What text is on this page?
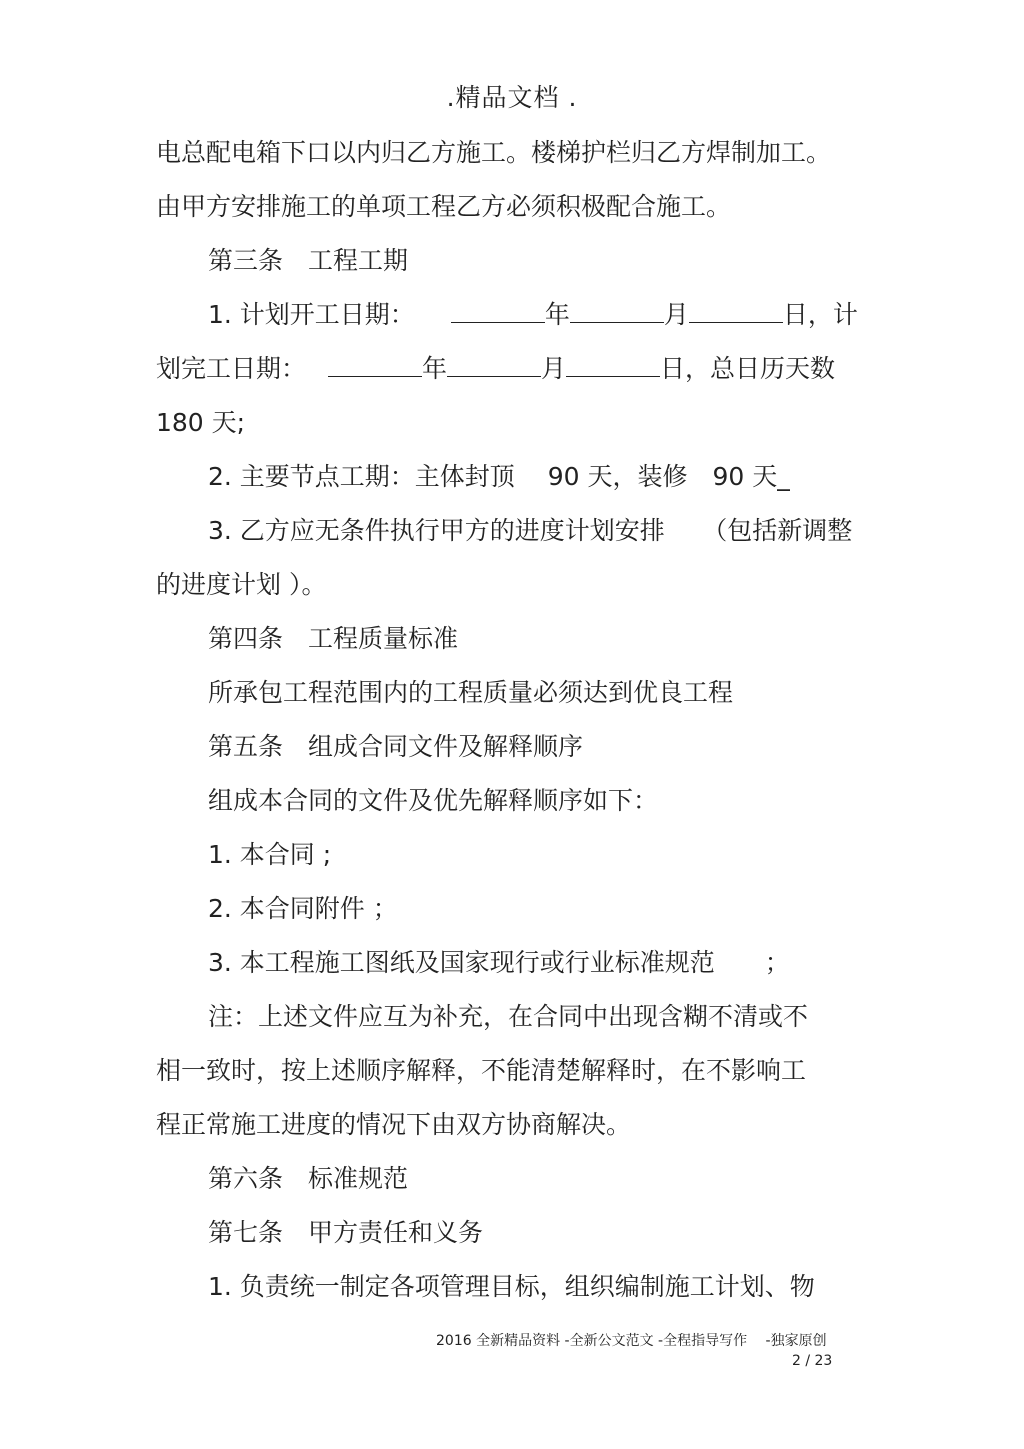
.精品文档 .
电总配电箱下口以内归乙方施工。楼梯护栏归乙方焊制加工。
由甲方安排施工的单项工程乙方必须积极配合施工。
第三条　工程工期
1. 计划开工日期：	年	月	日，计
划完工日期：	年	月	日，总日历天数
180 天;
2. 主要节点工期：主体封顶　 90 天，装修　90 天_
3. 乙方应无条件执行甲方的进度计划安排　　（包括新调整
的进度计划 ）。
第四条　工程质量标准
所承包工程范围内的工程质量必须达到优良工程
第五条　组成合同文件及解释顺序
组成本合同的文件及优先解释顺序如下：
1. 本合同 ;
2. 本合同附件 ；
3. 本工程施工图纸及国家现行或行业标准规范　　；
注：上述文件应互为补充，在合同中出现含糊不清或不
相一致时，按上述顺序解释，不能清楚解释时，在不影响工
程正常施工进度的情况下由双方协商解决。
第六条　标准规范
第七条　甲方责任和义务
1. 负责统一制定各项管理目标，组织编制施工计划、物
2016 全新精品资料 -全新公文范文 -全程指导写作　 -独家原创
2 / 23
